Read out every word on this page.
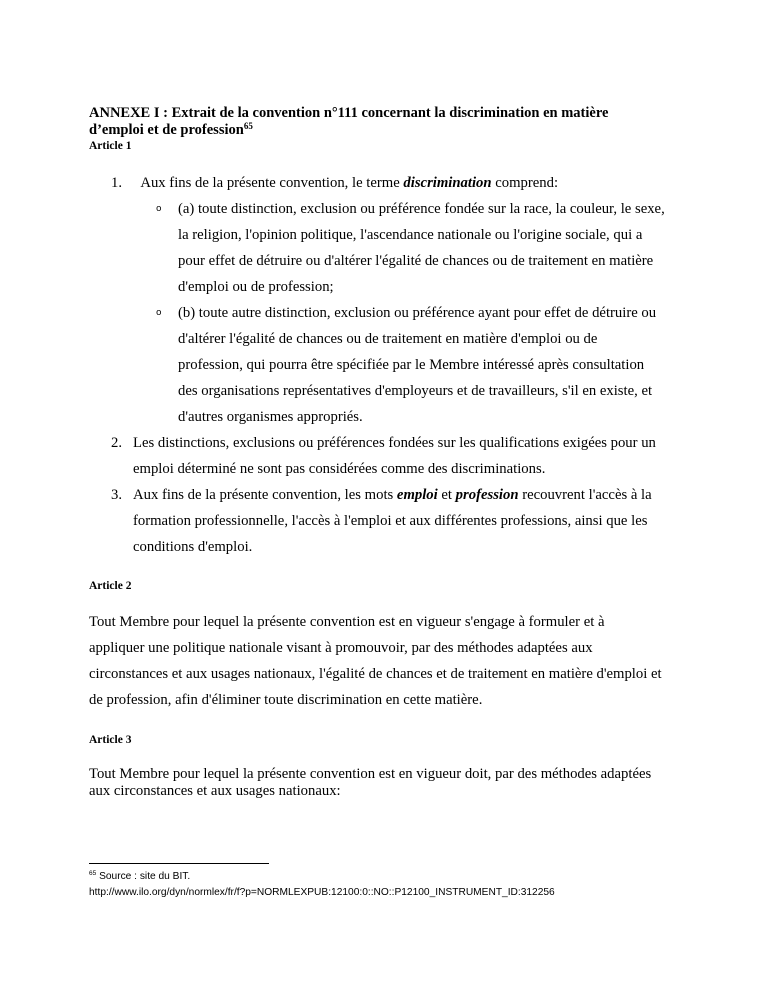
ANNEXE I : Extrait de la convention n°111 concernant la discrimination en matière
d’emploi et de profession$^{65}$
Article 1
1.	Aux fins de la présente convention, le terme discrimination comprend:
o (a) toute distinction, exclusion ou préférence fondée sur la race, la couleur, le sexe,
la religion, l'opinion politique, l'ascendance nationale ou l'origine sociale, qui a
pour effet de détruire ou d'altérer l'égalité de chances ou de traitement en matière
d'emploi ou de profession;
o (b) toute autre distinction, exclusion ou préférence ayant pour effet de détruire ou
d'altérer l'égalité de chances ou de traitement en matière d'emploi ou de
profession, qui pourra être spécifiée par le Membre intéressé après consultation
des organisations représentatives d'employeurs et de travailleurs, s'il en existe, et
d'autres organismes appropriés.
2. Les distinctions, exclusions ou préférences fondées sur les qualifications exigées pour un
emploi déterminé ne sont pas considérées comme des discriminations.
3. Aux fins de la présente convention, les mots emploi et profession recouvrent l'accès à la
formation professionnelle, l'accès à l'emploi et aux différentes professions, ainsi que les
conditions d'emploi.
Article 2
Tout Membre pour lequel la présente convention est en vigueur s'engage à formuler et à
appliquer une politique nationale visant à promouvoir, par des méthodes adaptées aux
circonstances et aux usages nationaux, l'égalité de chances et de traitement en matière d'emploi et
de profession, afin d'éliminer toute discrimination en cette matière.
Article 3
Tout Membre pour lequel la présente convention est en vigueur doit, par des méthodes adaptées
aux circonstances et aux usages nationaux:
$^{65}$ Source : site du BIT.
http://www.ilo.org/dyn/normlex/fr/f?p=NORMLEXPUB:12100:0::NO::P12100_INSTRUMENT_ID:312256
